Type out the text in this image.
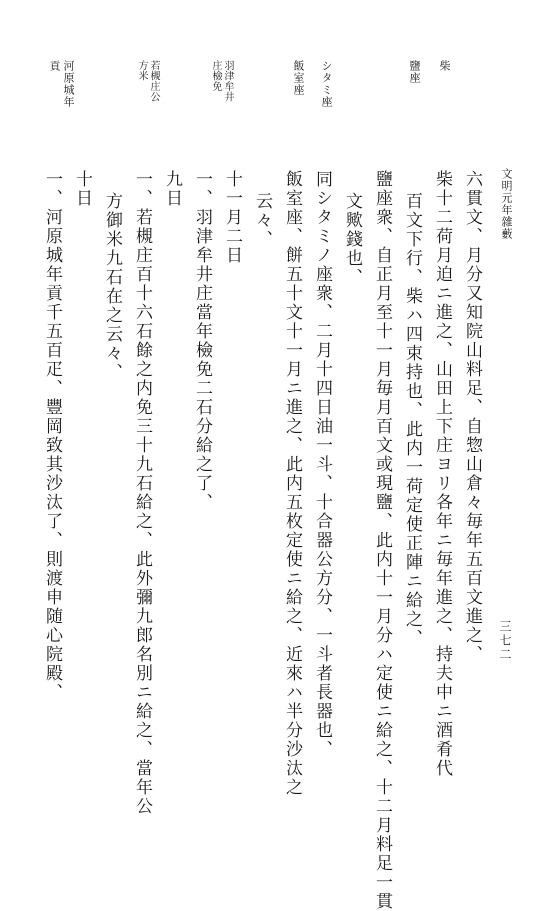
文明元年雜藪
三七二
柴
鹽座
シタミ座
飯室座
羽津牟井
庄檢免
若槻庄公
方米
河原城年
貢
六貫文、月分又知院山料足、自惣山倉々毎年五百文進之、
柴十二荷月迫ニ進之、山田上下庄ヨリ各年ニ毎年進之、持夫中ニ酒肴代
百文下行、柴ハ四束持也、此内一荷定使正陣ニ給之、
鹽座衆、自正月至十一月毎月百文或現鹽、此内十一月分ハ定使ニ給之、十二月料足一貫
文歟錢也、
同シタミノ座衆、二月十四日油一斗、十合器公方分、一斗者長器也、
飯室座、餅五十文十一月ニ進之、此内五枚定使ニ給之、近來ハ半分沙汰之
云々、
十一月二日
一、羽津牟井庄當年檢免二石分給之了、
九日
一、若槻庄百十六石餘之内免三十九石給之、此外彌九郎名別ニ給之、當年公
方御米九石在之云々、
十日
一、河原城年貢千五百疋、豐岡致其沙汰了、則渡申随心院殿、
